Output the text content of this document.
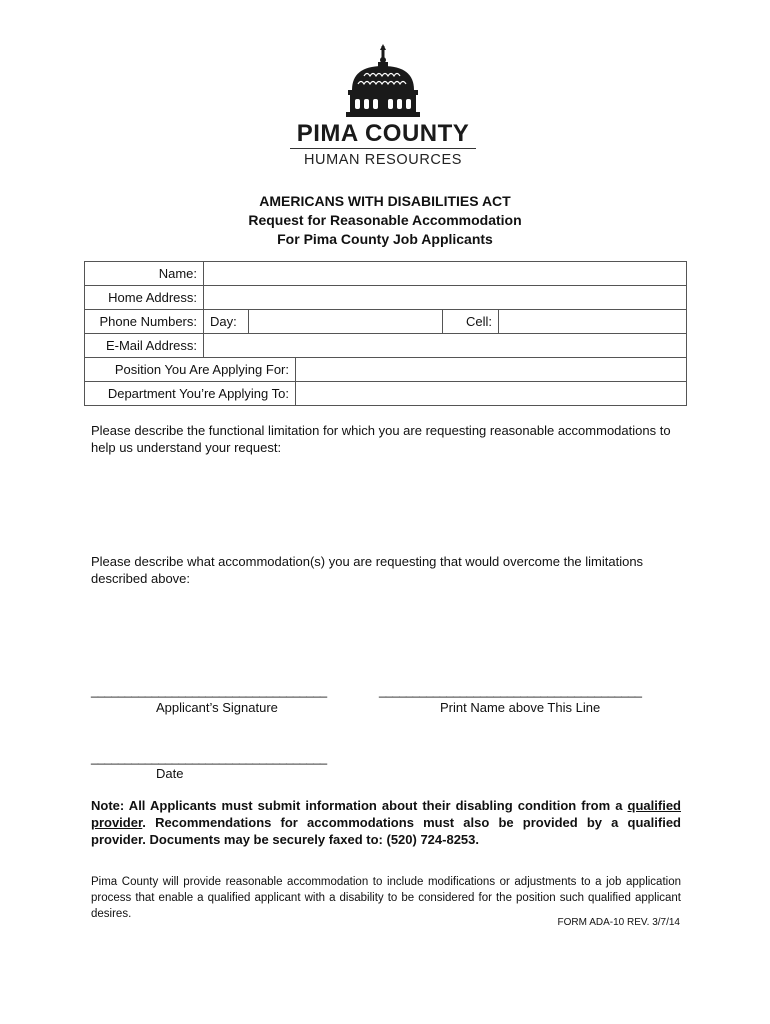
PIMA COUNTY
HUMAN RESOURCES
AMERICANS WITH DISABILITIES ACT
Request for Reasonable Accommodation
For Pima County Job Applicants
Name:					
Home Address:					
Phone Numbers:	Day:			Cell:	
E-Mail Address:					
Position You Are Applying For:					
Department You’re Applying To:					
Please describe the functional limitation for which you are requesting reasonable accommodations to help us understand your request:
Please describe what accommodation(s) you are requesting that would overcome the limitations described above:
___________________________________	_______________________________________
Applicant’s Signature	Print Name above This Line
___________________________________
Date
Note: All Applicants must submit information about their disabling condition from a qualified provider. Recommendations for accommodations must also be provided by a qualified provider. Documents may be securely faxed to: (520) 724-8253.
Pima County will provide reasonable accommodation to include modifications or adjustments to a job application process that enable a qualified applicant with a disability to be considered for the position such qualified applicant desires.
FORM ADA-10 REV. 3/7/14
